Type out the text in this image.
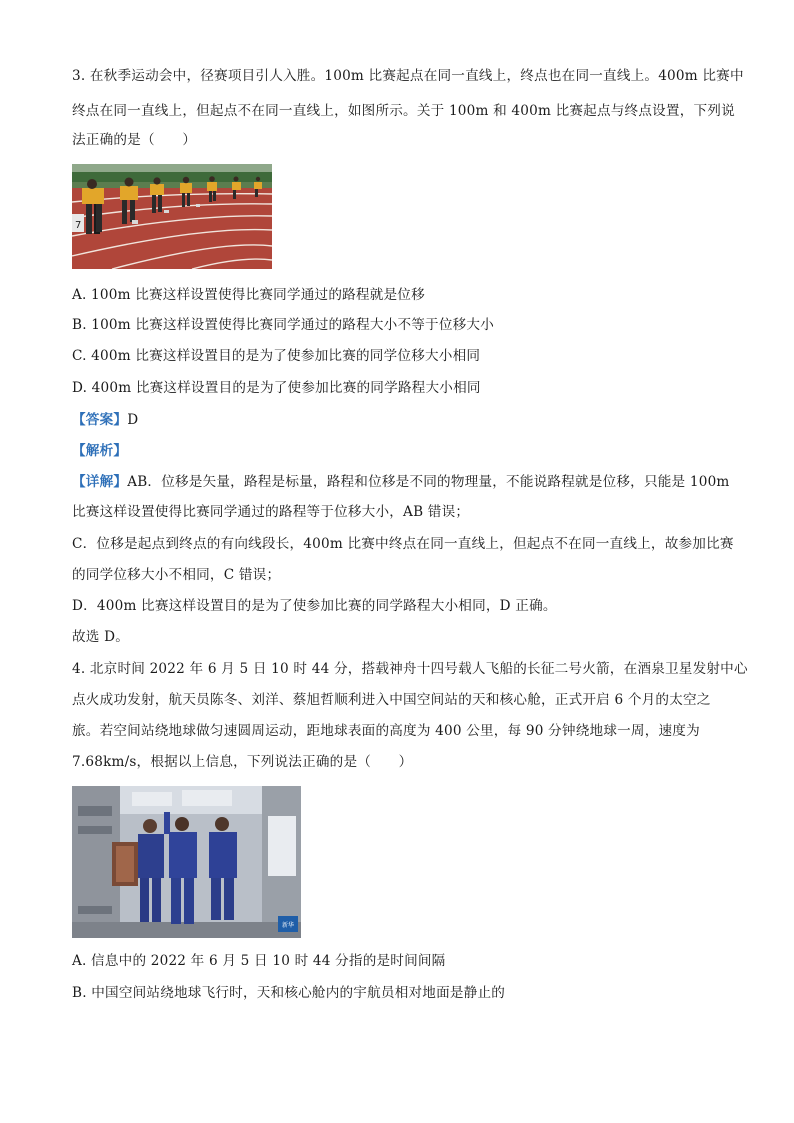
3. 在秋季运动会中，径赛项目引人入胜。100m 比赛起点在同一直线上，终点也在同一直线上。400m 比赛中
终点在同一直线上，但起点不在同一直线上，如图所示。关于 100m 和 400m 比赛起点与终点设置，下列说
法正确的是（　　）
7
A. 100m 比赛这样设置使得比赛同学通过的路程就是位移
B. 100m 比赛这样设置使得比赛同学通过的路程大小不等于位移大小
C. 400m 比赛这样设置目的是为了使参加比赛的同学位移大小相同
D. 400m 比赛这样设置目的是为了使参加比赛的同学路程大小相同
【答案】D
【解析】
【详解】AB．位移是矢量，路程是标量，路程和位移是不同的物理量，不能说路程就是位移，只能是 100m
比赛这样设置使得比赛同学通过的路程等于位移大小，AB 错误；
C．位移是起点到终点的有向线段长，400m 比赛中终点在同一直线上，但起点不在同一直线上，故参加比赛
的同学位移大小不相同，C 错误；
D．400m 比赛这样设置目的是为了使参加比赛的同学路程大小相同，D 正确。
故选 D。
4. 北京时间 2022 年 6 月 5 日 10 时 44 分，搭载神舟十四号载人飞船的长征二号火箭，在酒泉卫星发射中心
点火成功发射，航天员陈冬、刘洋、蔡旭哲顺利进入中国空间站的天和核心舱，正式开启 6 个月的太空之
旅。若空间站绕地球做匀速圆周运动，距地球表面的高度为 400 公里，每 90 分钟绕地球一周，速度为
7.68km/s，根据以上信息，下列说法正确的是（　　）
新华
A. 信息中的 2022 年 6 月 5 日 10 时 44 分指的是时间间隔
B. 中国空间站绕地球飞行时，天和核心舱内的宇航员相对地面是静止的
